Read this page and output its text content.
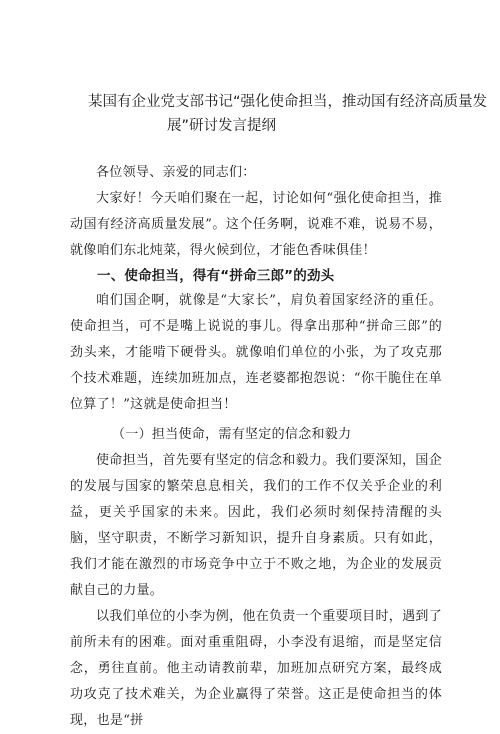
某国有企业党支部书记“强化使命担当，推动国有经济高质量发
展”研讨发言提纲

各位领导、亲爱的同志们：

大家好！今天咱们聚在一起，讨论如何“强化使命担当，推动国有经济高质量发展”。这个任务啊，说难不难，说易不易，就像咱们东北炖菜，得火候到位，才能色香味俱佳！

一、使命担当，得有“拼命三郎”的劲头

咱们国企啊，就像是“大家长”，肩负着国家经济的重任。使命担当，可不是嘴上说说的事儿。得拿出那种“拼命三郎”的劲头来，才能啃下硬骨头。就像咱们单位的小张，为了攻克那个技术难题，连续加班加点，连老婆都抱怨说：“你干脆住在单位算了！”这就是使命担当！

（一）担当使命，需有坚定的信念和毅力

使命担当，首先要有坚定的信念和毅力。我们要深知，国企的发展与国家的繁荣息息相关，我们的工作不仅关乎企业的利益，更关乎国家的未来。因此，我们必须时刻保持清醒的头脑，坚守职责，不断学习新知识，提升自身素质。只有如此，我们才能在激烈的市场竞争中立于不败之地，为企业的发展贡献自己的力量。

以我们单位的小李为例，他在负责一个重要项目时，遇到了前所未有的困难。面对重重阻碍，小李没有退缩，而是坚定信念，勇往直前。他主动请教前辈，加班加点研究方案，最终成功攻克了技术难关，为企业赢得了荣誉。这正是使命担当的体现，也是“拼
